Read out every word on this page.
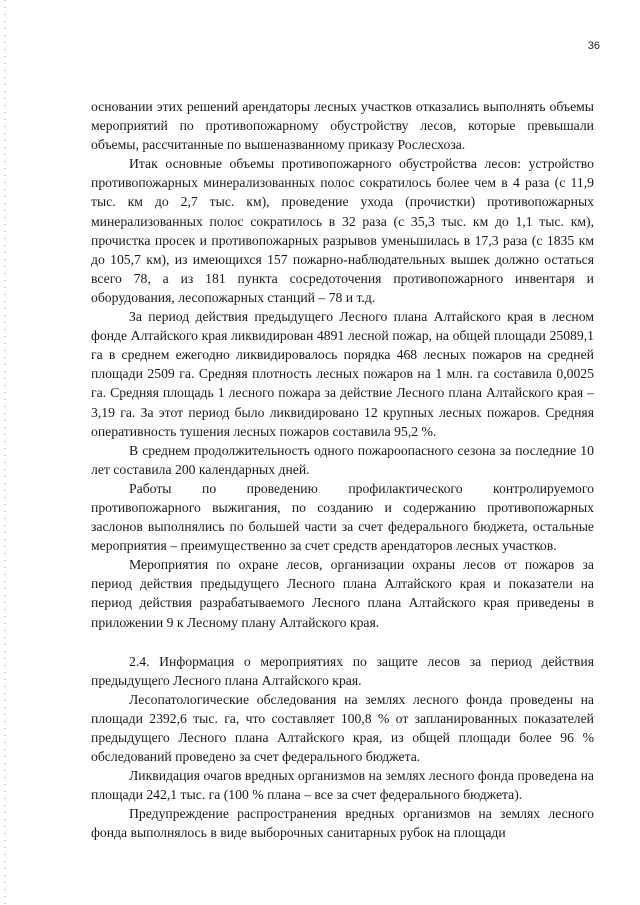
36

основании этих решений арендаторы лесных участков отказались выполнять объемы мероприятий по противопожарному обустройству лесов, которые превышали объемы, рассчитанные по вышеназванному приказу Рослесхоза.

Итак основные объемы противопожарного обустройства лесов: устройство противопожарных минерализованных полос сократилось более чем в 4 раза (с 11,9 тыс. км до 2,7 тыс. км), проведение ухода (прочистки) противопожарных минерализованных полос сократилось в 32 раза (с 35,3 тыс. км до 1,1 тыс. км), прочистка просек и противопожарных разрывов уменьшилась в 17,3 раза (с 1835 км до 105,7 км), из имеющихся 157 пожарно-наблюдательных вышек должно остаться всего 78, а из 181 пункта сосредоточения противопожарного инвентаря и оборудования, лесопожарных станций – 78 и т.д.

За период действия предыдущего Лесного плана Алтайского края в лесном фонде Алтайского края ликвидирован 4891 лесной пожар, на общей площади 25089,1 га в среднем ежегодно ликвидировалось порядка 468 лесных пожаров на средней площади 2509 га. Средняя плотность лесных пожаров на 1 млн. га составила 0,0025 га. Средняя площадь 1 лесного пожара за действие Лесного плана Алтайского края – 3,19 га. За этот период было ликвидировано 12 крупных лесных пожаров. Средняя оперативность тушения лесных пожаров составила 95,2 %.

В среднем продолжительность одного пожароопасного сезона за последние 10 лет составила 200 календарных дней.

Работы по проведению профилактического контролируемого противопожарного выжигания, по созданию и содержанию противопожарных заслонов выполнялись по большей части за счет федерального бюджета, остальные мероприятия – преимущественно за счет средств арендаторов лесных участков.

Мероприятия по охране лесов, организации охраны лесов от пожаров за период действия предыдущего Лесного плана Алтайского края и показатели на период действия разрабатываемого Лесного плана Алтайского края приведены в приложении 9 к Лесному плану Алтайского края.

2.4. Информация о мероприятиях по защите лесов за период действия предыдущего Лесного плана Алтайского края.

Лесопатологические обследования на землях лесного фонда проведены на площади 2392,6 тыс. га, что составляет 100,8 % от запланированных показателей предыдущего Лесного плана Алтайского края, из общей площади более 96 % обследований проведено за счет федерального бюджета.

Ликвидация очагов вредных организмов на землях лесного фонда проведена на площади 242,1 тыс. га (100 % плана – все за счет федерального бюджета).

Предупреждение распространения вредных организмов на землях лесного фонда выполнялось в виде выборочных санитарных рубок на площади
